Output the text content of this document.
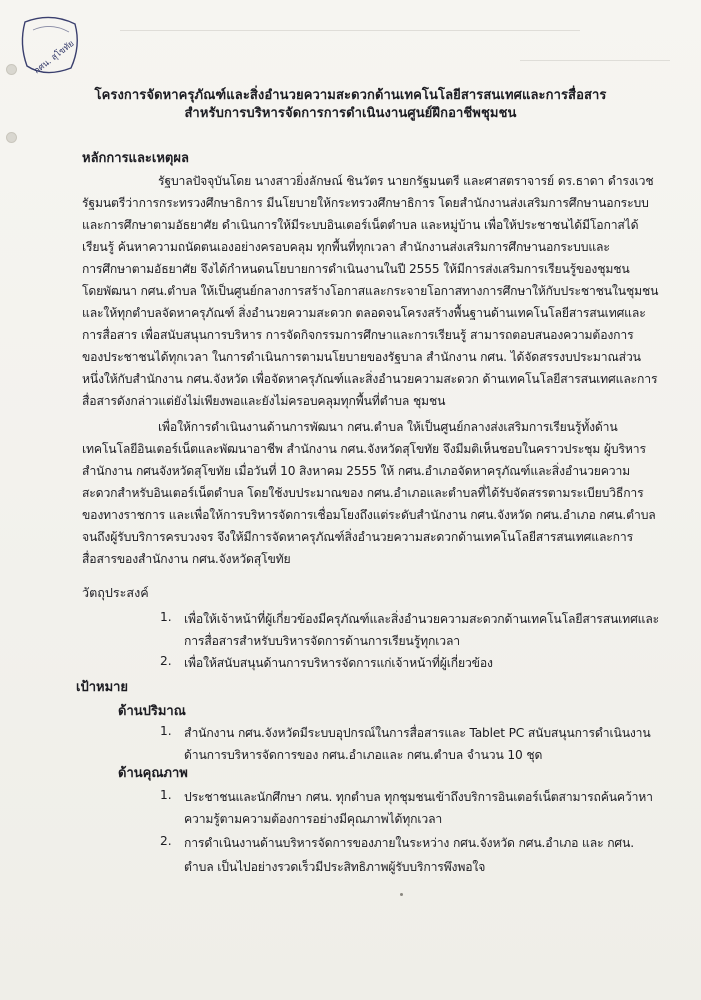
กศน. สุโขทัย
โครงการจัดหาครุภัณฑ์และสิ่งอำนวยความสะดวกด้านเทคโนโลยีสารสนเทศและการสื่อสาร
สำหรับการบริหารจัดการการดำเนินงานศูนย์ฝึกอาชีพชุมชน
หลักการและเหตุผล
รัฐบาลปัจจุบันโดย นางสาวยิ่งลักษณ์ ชินวัตร นายกรัฐมนตรี และศาสตราจารย์ ดร.ธาดา ดำรงเวช
รัฐมนตรีว่าการกระทรวงศึกษาธิการ มีนโยบายให้กระทรวงศึกษาธิการ โดยสำนักงานส่งเสริมการศึกษานอกระบบ
และการศึกษาตามอัธยาศัย ดำเนินการให้มีระบบอินเตอร์เน็ตตำบล และหมู่บ้าน เพื่อให้ประชาชนได้มีโอกาสได้
เรียนรู้ ค้นหาความถนัดตนเองอย่างครอบคลุม ทุกพื้นที่ทุกเวลา สำนักงานส่งเสริมการศึกษานอกระบบและ
การศึกษาตามอัธยาศัย จึงได้กำหนดนโยบายการดำเนินงานในปี 2555 ให้มีการส่งเสริมการเรียนรู้ของชุมชน
โดยพัฒนา กศน.ตำบล ให้เป็นศูนย์กลางการสร้างโอกาสและกระจายโอกาสทางการศึกษาให้กับประชาชนในชุมชน
และให้ทุกตำบลจัดหาครุภัณฑ์ สิ่งอำนวยความสะดวก ตลอดจนโครงสร้างพื้นฐานด้านเทคโนโลยีสารสนเทศและ
การสื่อสาร เพื่อสนับสนุนการบริหาร การจัดกิจกรรมการศึกษาและการเรียนรู้ สามารถตอบสนองความต้องการ
ของประชาชนได้ทุกเวลา ในการดำเนินการตามนโยบายของรัฐบาล สำนักงาน กศน. ได้จัดสรรงบประมาณส่วน
หนึ่งให้กับสำนักงาน กศน.จังหวัด เพื่อจัดหาครุภัณฑ์และสิ่งอำนวยความสะดวก ด้านเทคโนโลยีสารสนเทศและการ
สื่อสารดังกล่าวแต่ยังไม่เพียงพอและยังไม่ครอบคลุมทุกพื้นที่ตำบล ชุมชน
เพื่อให้การดำเนินงานด้านการพัฒนา กศน.ตำบล ให้เป็นศูนย์กลางส่งเสริมการเรียนรู้ทั้งด้าน
เทคโนโลยีอินเตอร์เน็ตและพัฒนาอาชีพ สำนักงาน กศน.จังหวัดสุโขทัย จึงมีมติเห็นชอบในคราวประชุม ผู้บริหาร
สำนักงาน กศนจังหวัดสุโขทัย เมื่อวันที่ 10 สิงหาคม 2555 ให้ กศน.อำเภอจัดหาครุภัณฑ์และสิ่งอำนวยความ
สะดวกสำหรับอินเตอร์เน็ตตำบล โดยใช้งบประมาณของ กศน.อำเภอและตำบลที่ได้รับจัดสรรตามระเบียบวิธีการ
ของทางราชการ และเพื่อให้การบริหารจัดการเชื่อมโยงถึงแต่ระดับสำนักงาน กศน.จังหวัด กศน.อำเภอ กศน.ตำบล
จนถึงผู้รับบริการครบวงจร จึงให้มีการจัดหาครุภัณฑ์สิ่งอำนวยความสะดวกด้านเทคโนโลยีสารสนเทศและการ
สื่อสารของสำนักงาน กศน.จังหวัดสุโขทัย
วัตถุประสงค์
1. เพื่อให้เจ้าหน้าที่ผู้เกี่ยวข้องมีครุภัณฑ์และสิ่งอำนวยความสะดวกด้านเทคโนโลยีสารสนเทศและ
การสื่อสารสำหรับบริหารจัดการด้านการเรียนรู้ทุกเวลา
2. เพื่อให้สนับสนุนด้านการบริหารจัดการแก่เจ้าหน้าที่ผู้เกี่ยวข้อง
เป้าหมาย
ด้านปริมาณ
1. สำนักงาน กศน.จังหวัดมีระบบอุปกรณ์ในการสื่อสารและ Tablet PC สนับสนุนการดำเนินงาน
ด้านการบริหารจัดการของ กศน.อำเภอและ กศน.ตำบล จำนวน 10 ชุด
ด้านคุณภาพ
1. ประชาชนและนักศึกษา กศน. ทุกตำบล ทุกชุมชนเข้าถึงบริการอินเตอร์เน็ตสามารถค้นคว้าหา
ความรู้ตามความต้องการอย่างมีคุณภาพได้ทุกเวลา
2. การดำเนินงานด้านบริหารจัดการของภายในระหว่าง กศน.จังหวัด กศน.อำเภอ และ กศน.
ตำบล เป็นไปอย่างรวดเร็วมีประสิทธิภาพผู้รับบริการพึงพอใจ
